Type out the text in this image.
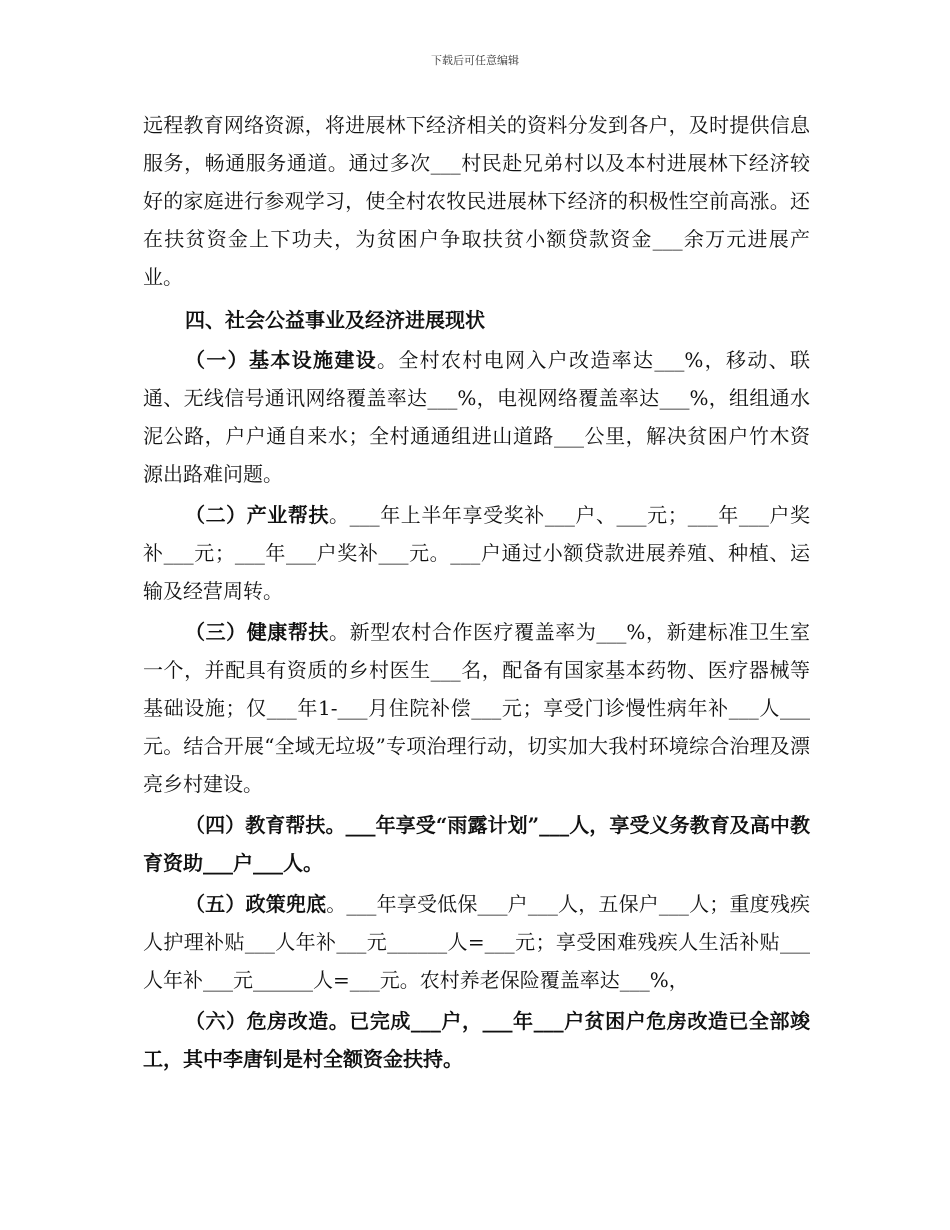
下载后可任意编辑

远程教育网络资源，将进展林下经济相关的资料分发到各户，及时提供信息服务，畅通服务通道。通过多次___村民赴兄弟村以及本村进展林下经济较好的家庭进行参观学习，使全村农牧民进展林下经济的积极性空前高涨。还在扶贫资金上下功夫，为贫困户争取扶贫小额贷款资金___余万元进展产业。

四、社会公益事业及经济进展现状

（一）基本设施建设。全村农村电网入户改造率达___%，移动、联通、无线信号通讯网络覆盖率达___%，电视网络覆盖率达___%，组组通水泥公路，户户通自来水；全村通通组进山道路___公里，解决贫困户竹木资源出路难问题。

（二）产业帮扶。___年上半年享受奖补___户、___元；___年___户奖补___元；___年___户奖补___元。___户通过小额贷款进展养殖、种植、运输及经营周转。

（三）健康帮扶。新型农村合作医疗覆盖率为___%，新建标准卫生室一个，并配具有资质的乡村医生___名，配备有国家基本药物、医疗器械等基础设施；仅___年1-___月住院补偿___元；享受门诊慢性病年补___人___元。结合开展“全域无垃圾”专项治理行动，切实加大我村环境综合治理及漂亮乡村建设。

（四）教育帮扶。___年享受“雨露计划”___人，享受义务教育及高中教育资助___户___人。

（五）政策兜底。___年享受低保___户___人，五保户___人；重度残疾人护理补贴___人年补___元______人=___元；享受困难残疾人生活补贴___人年补___元______人=___元。农村养老保险覆盖率达___%，

（六）危房改造。已完成___户，___年___户贫困户危房改造已全部竣工，其中李唐钊是村全额资金扶持。
